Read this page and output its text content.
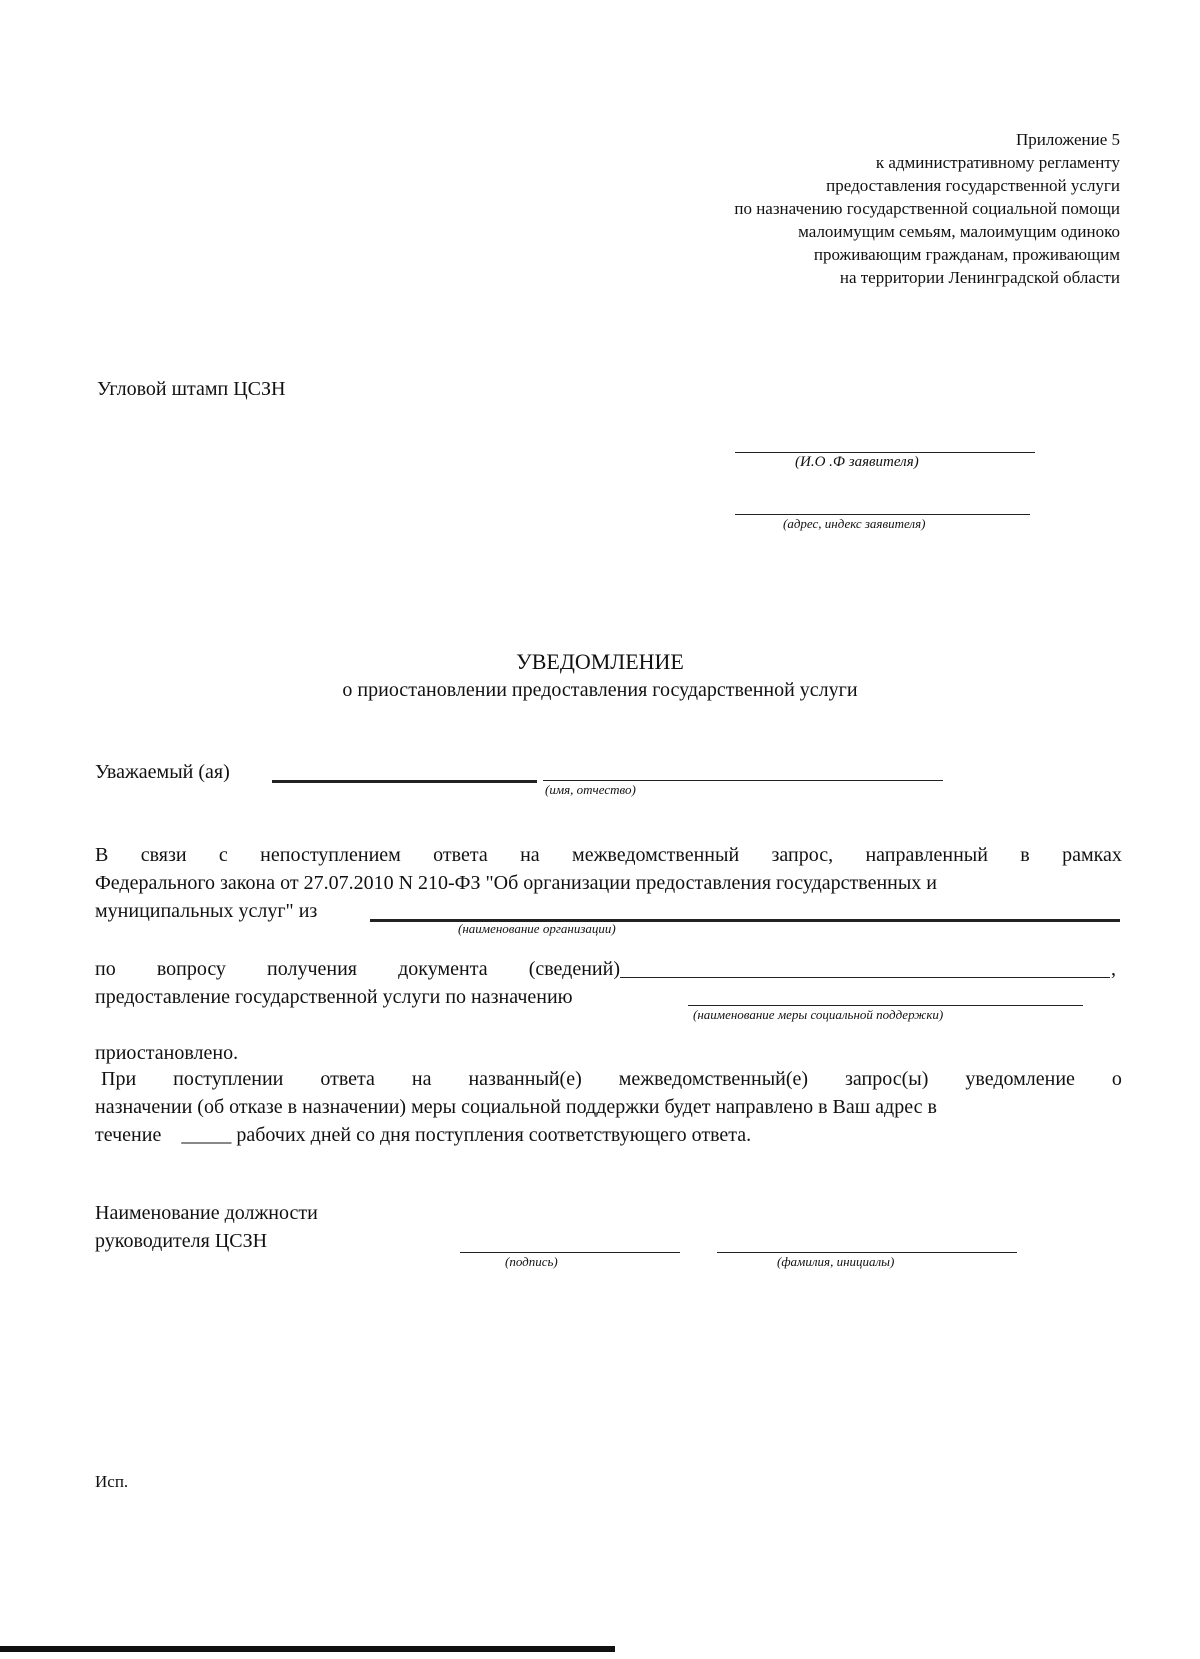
Приложение 5
к административному регламенту
предоставления государственной услуги
по назначению государственной социальной помощи
малоимущим семьям, малоимущим одиноко
проживающим гражданам, проживающим
на территории Ленинградской области
Угловой штамп ЦСЗН
(И.О .Ф заявителя)
(адрес, индекс заявителя)
УВЕДОМЛЕНИЕ
о приостановлении предоставления государственной услуги
Уважаемый (ая)
(имя, отчество)
В связи с непоступлением ответа на межведомственный запрос, направленный в рамках
Федерального закона от 27.07.2010 N 210-ФЗ "Об организации предоставления государственных и
муниципальных услуг" из
(наименование организации)
по вопросу получения документа (сведений)	,
предоставление государственной услуги по назначению
(наименование меры социальной поддержки)
приостановлено.
При поступлении ответа на названный(е) межведомственный(е) запрос(ы) уведомление о
назначении (об отказе в назначении) меры социальной поддержки будет направлено в Ваш адрес в
течение _____ рабочих дней со дня поступления соответствующего ответа.
Наименование должности
руководителя ЦСЗН
(подпись)	(фамилия, инициалы)
Исп.
